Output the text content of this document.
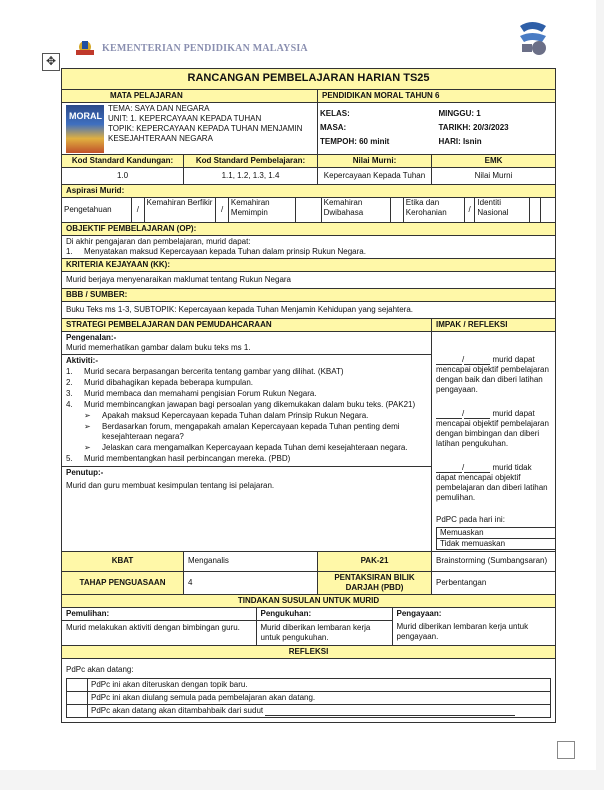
KEMENTERIAN PENDIDIKAN MALAYSIA
✥
RANCANGAN PEMBELAJARAN HARIAN TS25
MATA PELAJARAN	PENDIDIKAN MORAL TAHUN 6

MORAL
TEMA: SAYA DAN NEGARA
UNIT: 1. KEPERCAYAAN KEPADA TUHAN
TOPIK: KEPERCAYAAN KEPADA TUHAN MENJAMIN KESEJAHTERAAN NEGARA

KELAS:	MINGGU: 1
MASA:	TARIKH: 20/3/2023
TEMPOH: 60 minit	HARI: Isnin

Kod Standard Kandungan:	Kod Standard Pembelajaran:	Nilai Murni:	EMK
1.0	1.1, 1.2, 1.3, 1.4	Kepercayaan Kepada Tuhan	Nilai Murni
Aspirasi Murid:

Pengetahuan	/	Kemahiran Berfikir	/	Kemahiran Memimpin		Kemahiran Dwibahasa		Etika dan Kerohanian	/	Identiti Nasional		

OBJEKTIF PEMBELAJARAN (OP):

Di akhir pengajaran dan pembelajaran, murid dapat:
1. Menyatakan maksud Kepercayaan kepada Tuhan dalam prinsip Rukun Negara.

KRITERIA KEJAYAAN (KK):
Murid berjaya menyenaraikan maklumat tentang Rukun Negara
BBB / SUMBER:
Buku Teks ms 1-3, SUBTOPIK: Kepercayaan kepada Tuhan Menjamin Kehidupan yang sejahtera.
STRATEGI PEMBELAJARAN DAN PEMUDAHCARAAN	IMPAK / REFLEKSI

Pengenalan:-
Murid memerhatikan gambar dalam buku teks ms 1.
Aktiviti:-
1. Murid secara berpasangan bercerita tentang gambar yang dilihat. (KBAT)
2. Murid dibahagikan kepada beberapa kumpulan.
3. Murid membaca dan memahami pengisian Forum Rukun Negara.
4. Murid membincangkan jawapan bagi persoalan yang dikemukakan dalam buku teks. (PAK21)
➢ Apakah maksud Kepercayaan kepada Tuhan dalam Prinsip Rukun Negara.
➢ Berdasarkan forum, mengapakah amalan Kepercayaan kepada Tuhan penting demi kesejahteraan negara?
➢ Jelaskan cara mengamalkan Kepercayaan kepada Tuhan demi kesejahteraan negara.
5. Murid membentangkan hasil perbincangan mereka. (PBD)
Penutup:-
Murid dan guru membuat kesimpulan tentang isi pelajaran.

/	murid dapat mencapai objektif pembelajaran dengan baik dan diberi latihan pengayaan.
/	murid dapat mencapai objektif pembelajaran dengan bimbingan dan diberi latihan pengukuhan.
/	murid tidak dapat mencapai objektif pembelajaran dan diberi latihan pemulihan.
PdPC pada hari ini:
Memuaskan	
Tidak memuaskan	

KBAT	Menganalis	PAK-21	Brainstorming (Sumbangsaran)
TAHAP PENGUASAAN	4	PENTAKSIRAN BILIK DARJAH (PBD)	Perbentangan
TINDAKAN SUSULAN UNTUK MURID

Pemulihan:	Pengukuhan:	Pengayaan:
Murid melakukan aktiviti dengan bimbingan guru.	Murid diberikan lembaran kerja untuk pengukuhan.	Murid diberikan lembaran kerja untuk pengayaan.

REFLEKSI

PdPc akan datang:
	PdPc ini akan diteruskan dengan topik baru.
	PdPc ini akan diulang semula pada pembelajaran akan datang.
	PdPc akan datang akan ditambahbaik dari sudut
